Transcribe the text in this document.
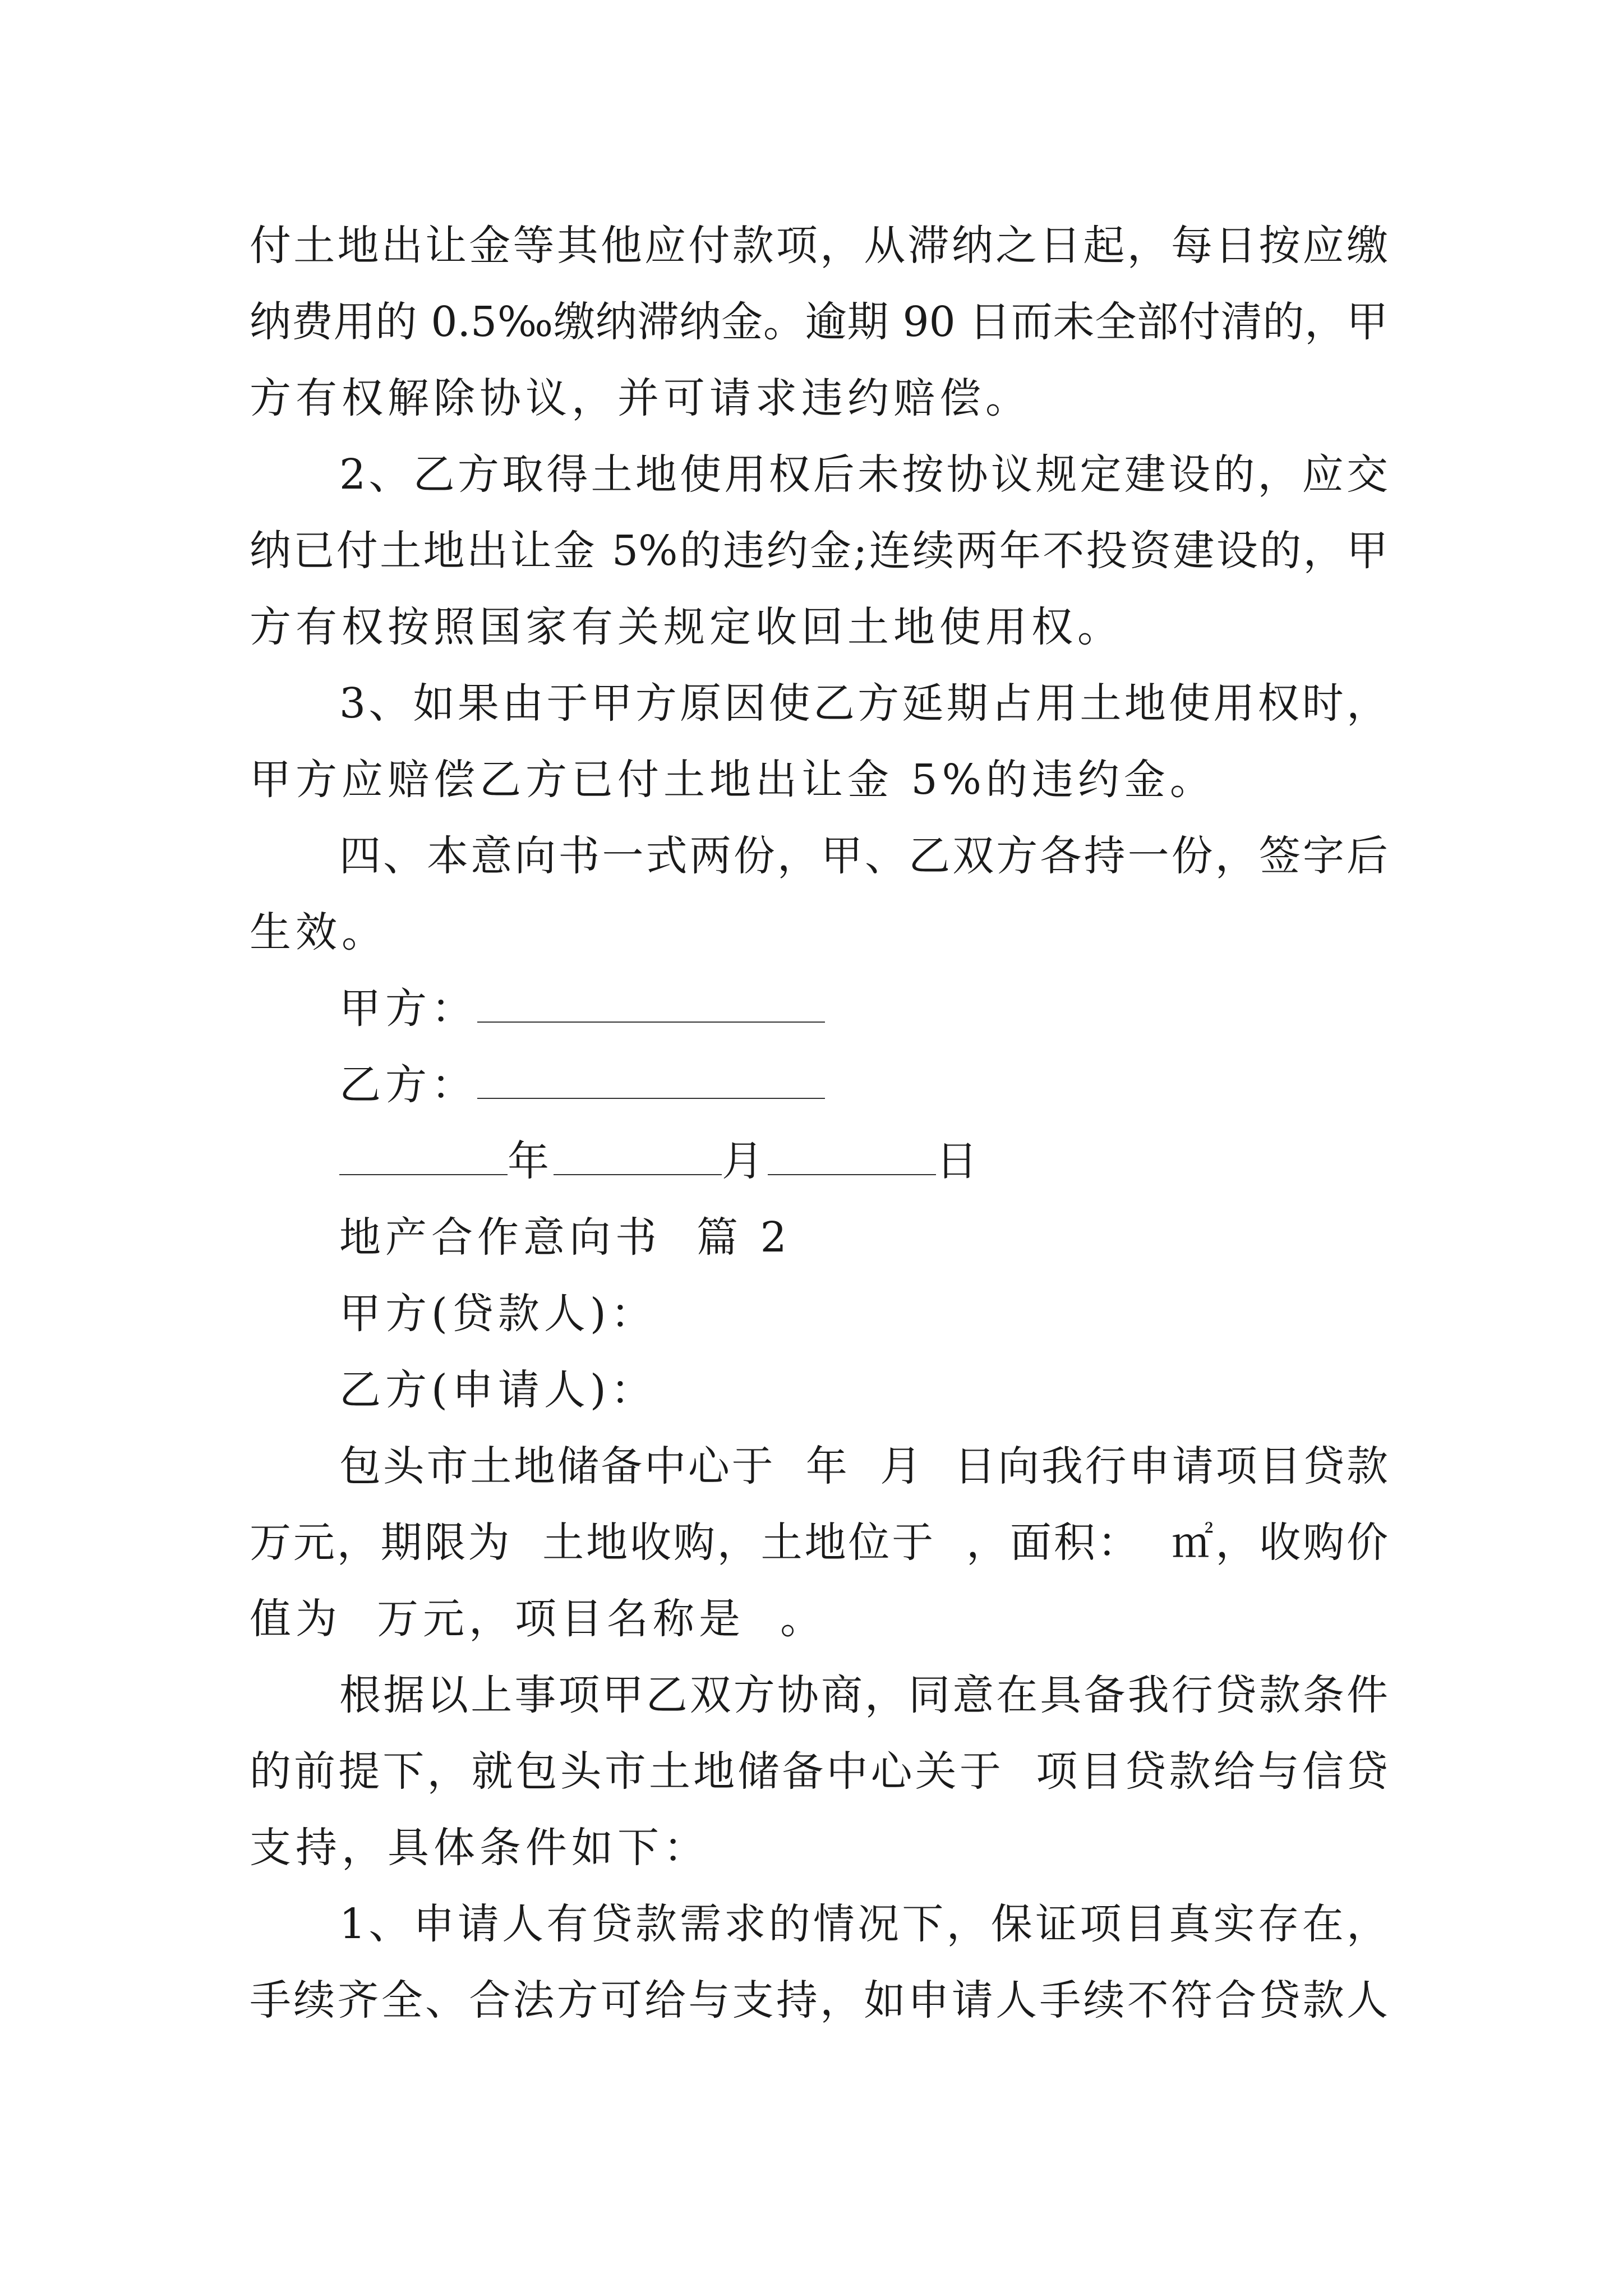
付土地出让金等其他应付款项，从滞纳之日起，每日按应缴
纳费用的 0.5‰缴纳滞纳金。逾期 90 日而未全部付清的，甲
方有权解除协议，并可请求违约赔偿。
2、乙方取得土地使用权后未按协议规定建设的，应交
纳已付土地出让金 5%的违约金;连续两年不投资建设的，甲
方有权按照国家有关规定收回土地使用权。
3、如果由于甲方原因使乙方延期占用土地使用权时，
甲方应赔偿乙方已付土地出让金 5%的违约金。
四、本意向书一式两份，甲、乙双方各持一份，签字后
生效。
甲方：
乙方：
年	月	日
地产合作意向书  篇 2
甲方(贷款人)：
乙方(申请人)：
包头市土地储备中心于  年  月  日向我行申请项目贷款
万元，期限为  土地收购，土地位于  ，面积：  ㎡，收购价
值为  万元，项目名称是  。
根据以上事项甲乙双方协商，同意在具备我行贷款条件
的前提下，就包头市土地储备中心关于  项目贷款给与信贷
支持，具体条件如下：
1、申请人有贷款需求的情况下，保证项目真实存在，
手续齐全、合法方可给与支持，如申请人手续不符合贷款人
